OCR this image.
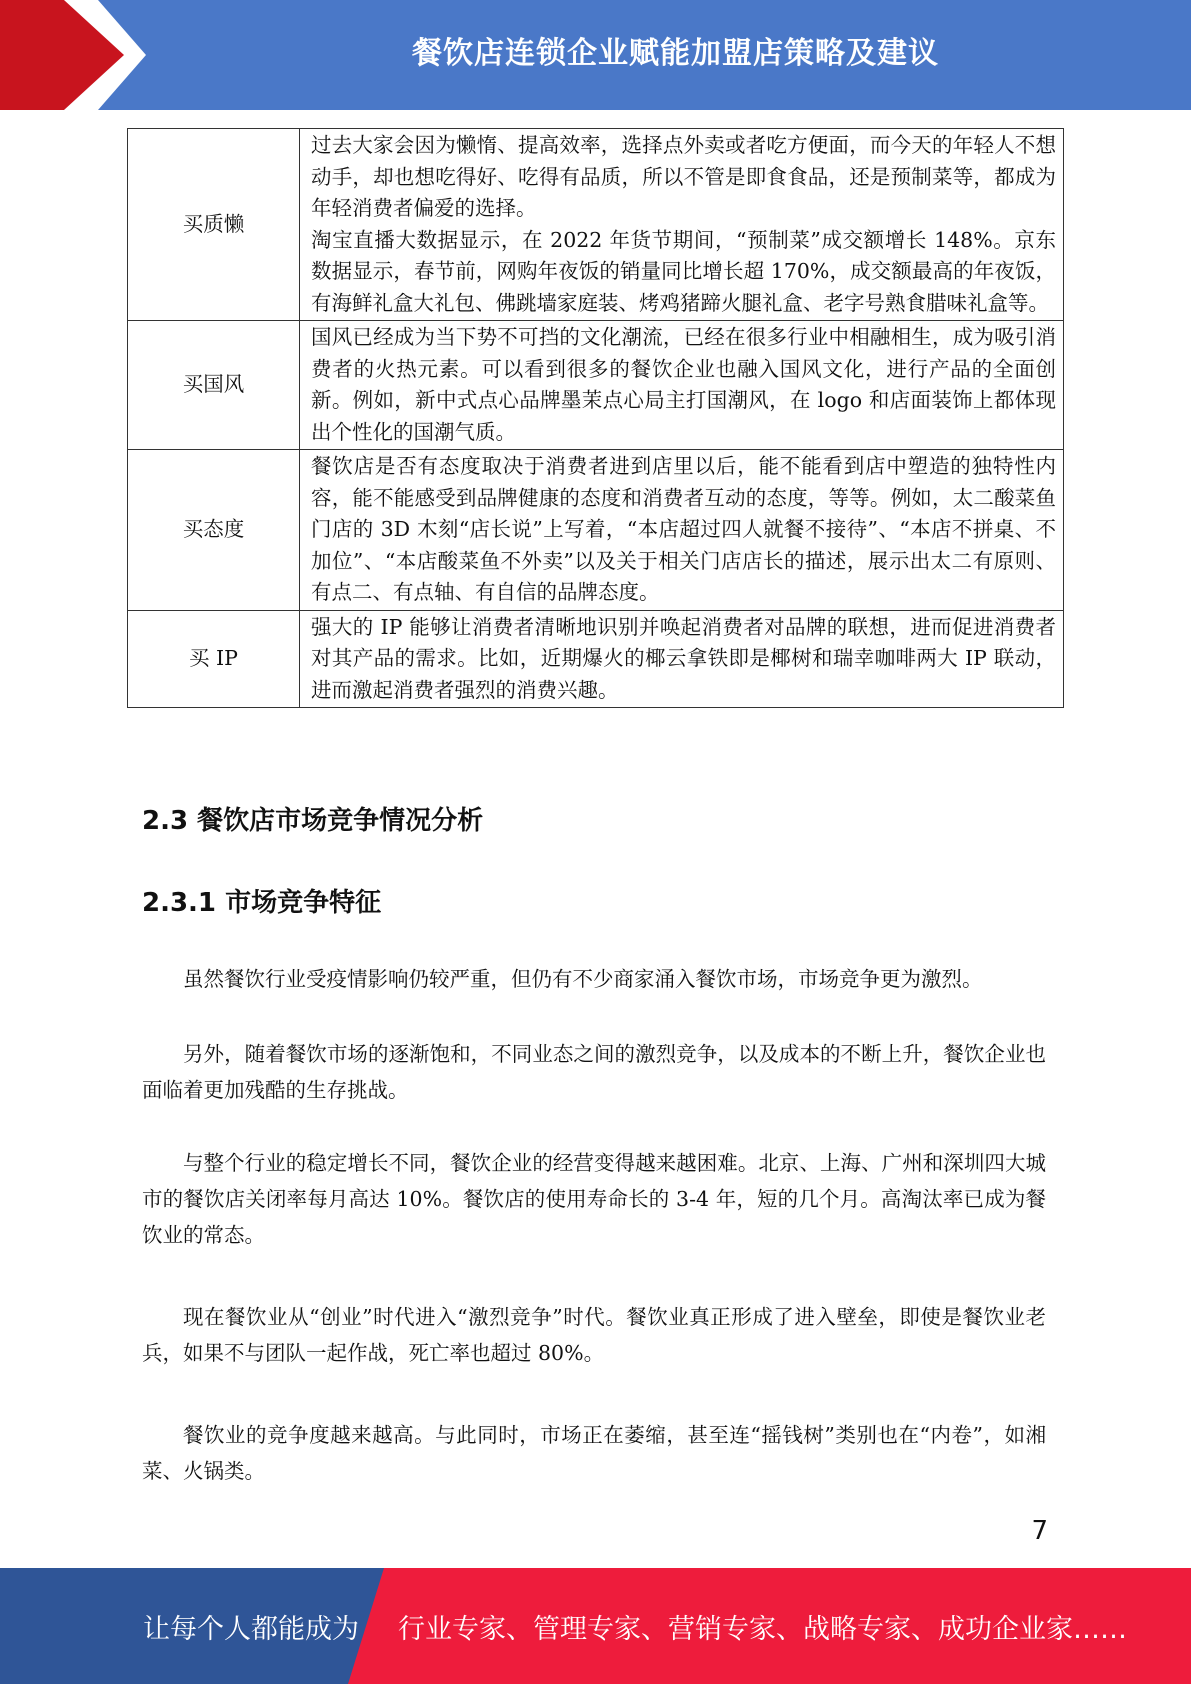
餐饮店连锁企业赋能加盟店策略及建议
买质懒	过去大家会因为懒惰、提高效率，选择点外卖或者吃方便面，而今天的年轻人不想动手，却也想吃得好、吃得有品质，所以不管是即食食品，还是预制菜等，都成为年轻消费者偏爱的选择。

淘宝直播大数据显示，在 2022 年货节期间，“预制菜”成交额增长 148%。京东数据显示，春节前，网购年夜饭的销量同比增长超 170%，成交额最高的年夜饭，有海鲜礼盒大礼包、佛跳墙家庭装、烤鸡猪蹄火腿礼盒、老字号熟食腊味礼盒等。

买国风	国风已经成为当下势不可挡的文化潮流，已经在很多行业中相融相生，成为吸引消费者的火热元素。可以看到很多的餐饮企业也融入国风文化，进行产品的全面创新。例如，新中式点心品牌墨茉点心局主打国潮风，在 logo 和店面装饰上都体现出个性化的国潮气质。

买态度	餐饮店是否有态度取决于消费者进到店里以后，能不能看到店中塑造的独特性内容，能不能感受到品牌健康的态度和消费者互动的态度，等等。例如，太二酸菜鱼门店的 3D 木刻“店长说”上写着，“本店超过四人就餐不接待”、“本店不拼桌、不加位”、“本店酸菜鱼不外卖”以及关于相关门店店长的描述，展示出太二有原则、有点二、有点轴、有自信的品牌态度。

买 IP	强大的 IP 能够让消费者清晰地识别并唤起消费者对品牌的联想，进而促进消费者对其产品的需求。比如，近期爆火的椰云拿铁即是椰树和瑞幸咖啡两大 IP 联动，进而激起消费者强烈的消费兴趣。

2.3 餐饮店市场竞争情况分析
2.3.1 市场竞争特征

虽然餐饮行业受疫情影响仍较严重，但仍有不少商家涌入餐饮市场，市场竞争更为激烈。

另外，随着餐饮市场的逐渐饱和，不同业态之间的激烈竞争，以及成本的不断上升，餐饮企业也面临着更加残酷的生存挑战。

与整个行业的稳定增长不同，餐饮企业的经营变得越来越困难。北京、上海、广州和深圳四大城市的餐饮店关闭率每月高达 10%。餐饮店的使用寿命长的 3-4 年，短的几个月。高淘汰率已成为餐饮业的常态。

现在餐饮业从“创业”时代进入“激烈竞争”时代。餐饮业真正形成了进入壁垒，即使是餐饮业老兵，如果不与团队一起作战，死亡率也超过 80%。

餐饮业的竞争度越来越高。与此同时，市场正在萎缩，甚至连“摇钱树”类别也在“内卷”，如湘菜、火锅类。

7
让每个人都能成为 行业专家、管理专家、营销专家、战略专家、成功企业家……
